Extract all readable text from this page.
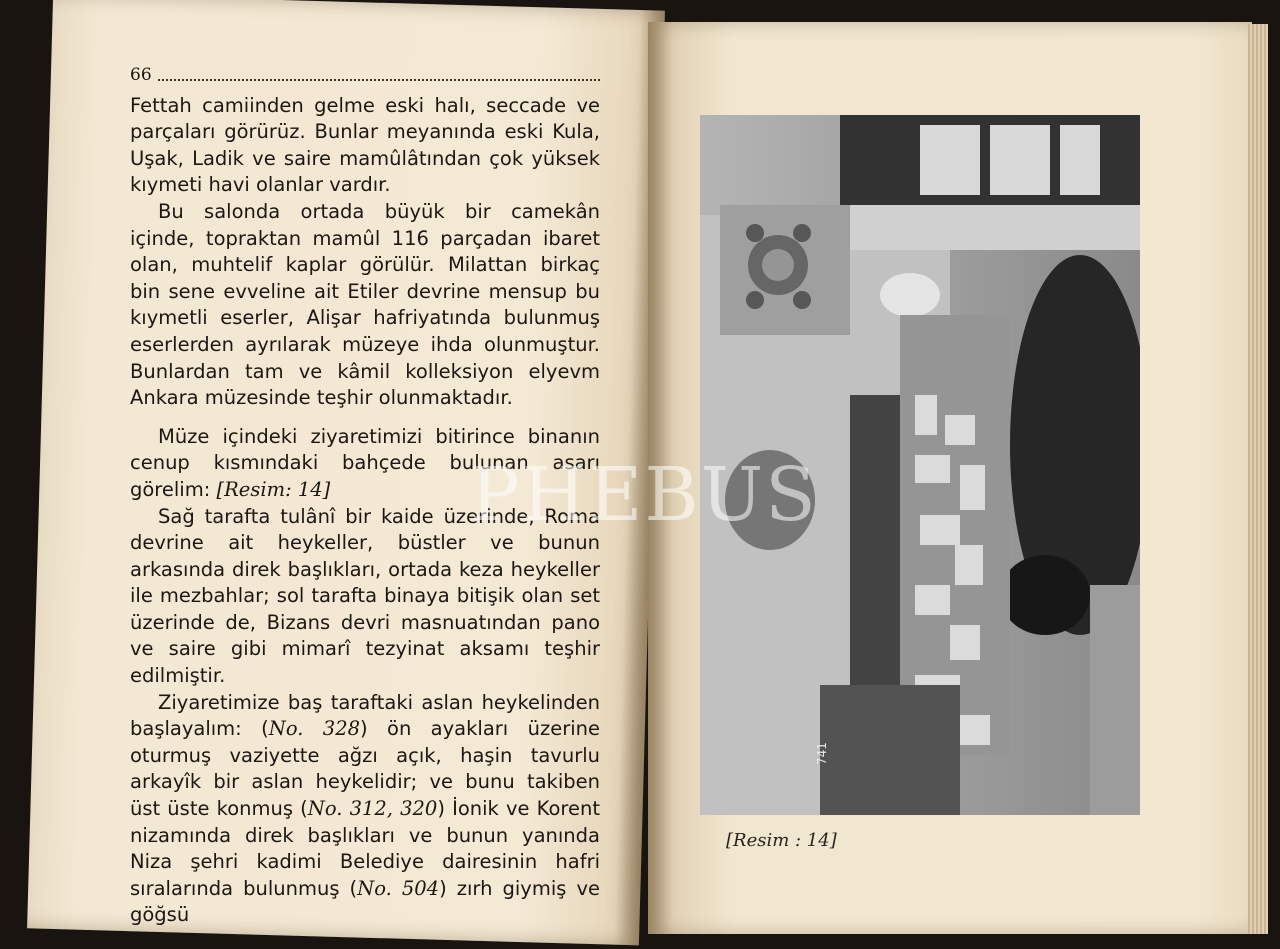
66

Fettah camiinden gelme eski halı, seccade ve parçaları görürüz. Bunlar meyanında eski Kula, Uşak, Ladik ve saire mamûlâtından çok yüksek kıymeti havi olanlar vardır.

Bu salonda ortada büyük bir camekân içinde, topraktan mamûl 116 parçadan ibaret olan, muhtelif kaplar görülür. Milattan birkaç bin sene evveline ait Etiler devrine mensup bu kıymetli eserler, Alişar hafriyatında bulunmuş eserlerden ayrılarak müzeye ihda olunmuştur. Bunlardan tam ve kâmil kolleksiyon elyevm Ankara müzesinde teşhir olunmaktadır.

Müze içindeki ziyaretimizi bitirince binanın cenup kısmındaki bahçede bulunan asarı görelim: [Resim: 14]

Sağ tarafta tulânî bir kaide üzerinde, Roma devrine ait heykeller, büstler ve bunun arkasında direk başlıkları, ortada keza heykeller ile mezbahlar; sol tarafta binaya bitişik olan set üzerinde de, Bizans devri masnuatından pano ve saire gibi mimarî tezyinat aksamı teşhir edilmiştir.

Ziyaretimize baş taraftaki aslan heykelinden başlayalım: (No. 328) ön ayakları üzerine oturmuş vaziyette ağzı açık, haşin tavurlu arkayîk bir aslan heykelidir; ve bunu takiben üst üste konmuş (No. 312, 320) İonik ve Korent nizamında direk başlıkları ve bunun yanında Niza şehri kadimi Belediye dairesinin hafri sıralarında bulunmuş (No. 504) zırh giymiş ve göğsü

741
[Resim : 14]
PHEBUS
